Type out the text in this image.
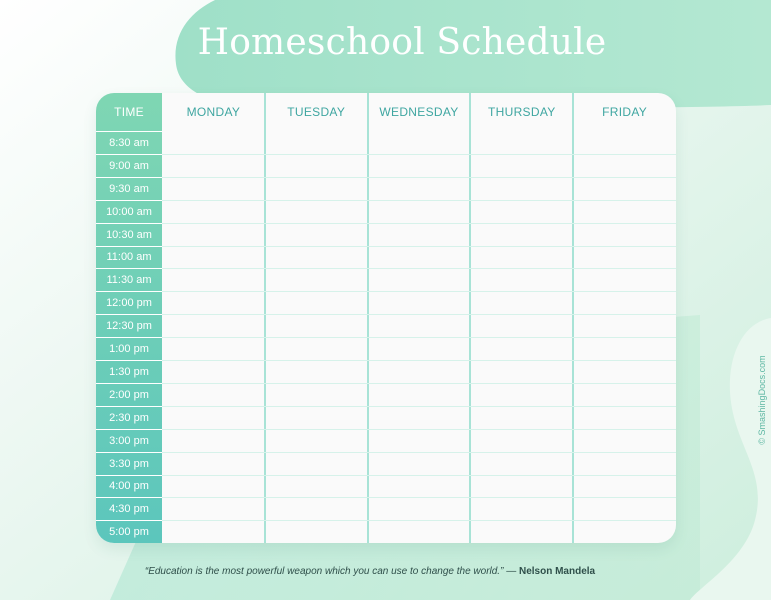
Homeschool Schedule
TIME	MONDAY	TUESDAY	WEDNESDAY	THURSDAY	FRIDAY
8:30 am
9:00 am
9:30 am
10:00 am
10:30 am
11:00 am
11:30 am
12:00 pm
12:30 pm
1:00 pm
1:30 pm
2:00 pm
2:30 pm
3:00 pm
3:30 pm
4:00 pm
4:30 pm
5:00 pm
“Education is the most powerful weapon which you can use to change the world.” — Nelson Mandela
© SmashingDocs.com
